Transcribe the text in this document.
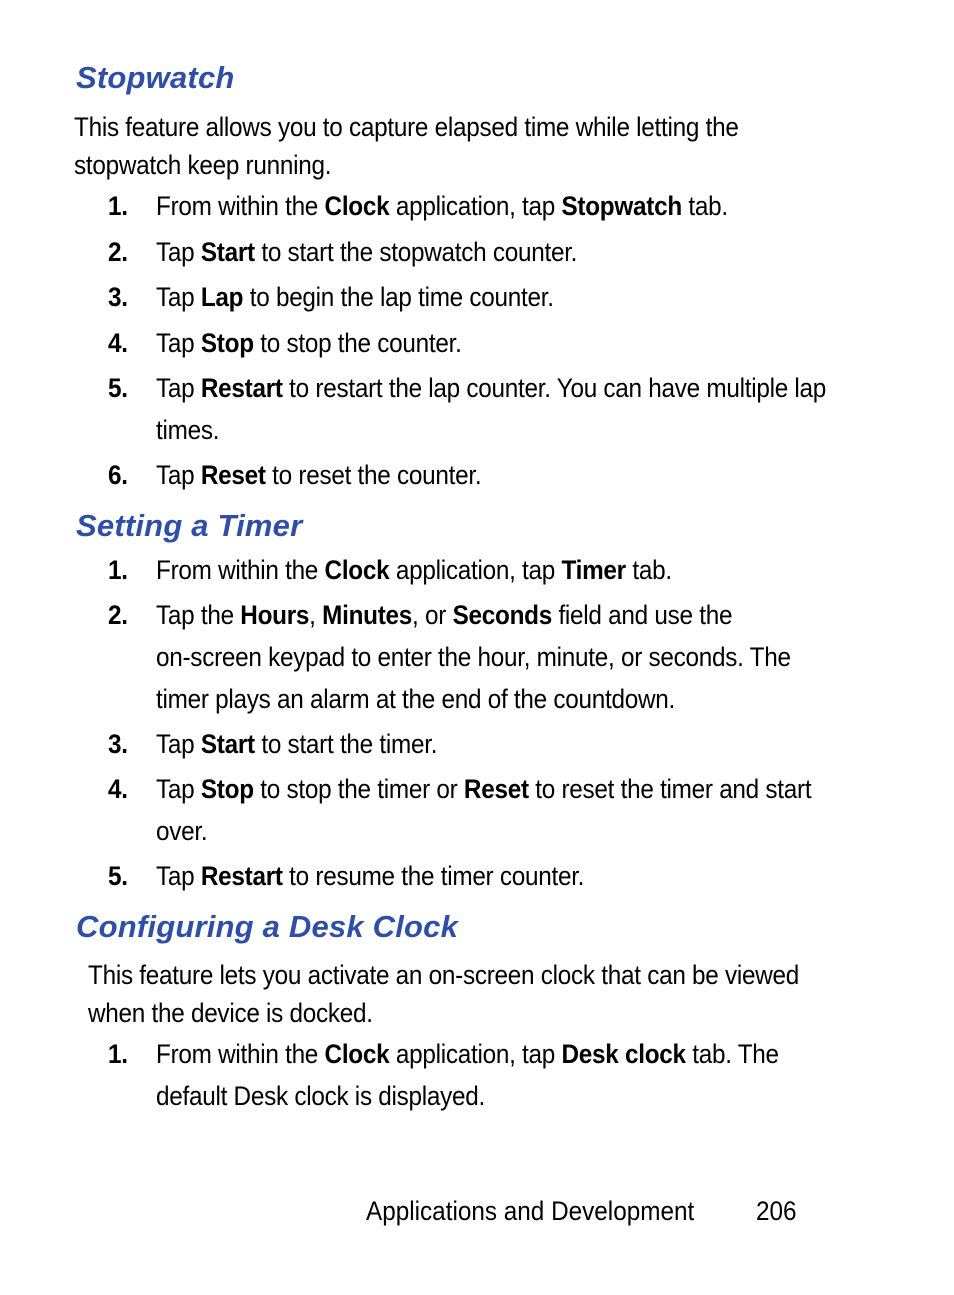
Stopwatch

This feature allows you to capture elapsed time while letting the
stopwatch keep running.

1. From within the Clock application, tap Stopwatch tab.
2. Tap Start to start the stopwatch counter.
3. Tap Lap to begin the lap time counter.
4. Tap Stop to stop the counter.
5. Tap Restart to restart the lap counter. You can have multiple lap
times.
6. Tap Reset to reset the counter.
Setting a Timer
1. From within the Clock application, tap Timer tab.
2. Tap the Hours, Minutes, or Seconds field and use the
on-screen keypad to enter the hour, minute, or seconds. The
timer plays an alarm at the end of the countdown.
3. Tap Start to start the timer.
4. Tap Stop to stop the timer or Reset to reset the timer and start
over.
5. Tap Restart to resume the timer counter.
Configuring a Desk Clock

This feature lets you activate an on-screen clock that can be viewed
when the device is docked.

1. From within the Clock application, tap Desk clock tab. The
default Desk clock is displayed.
Applications and Development 206
